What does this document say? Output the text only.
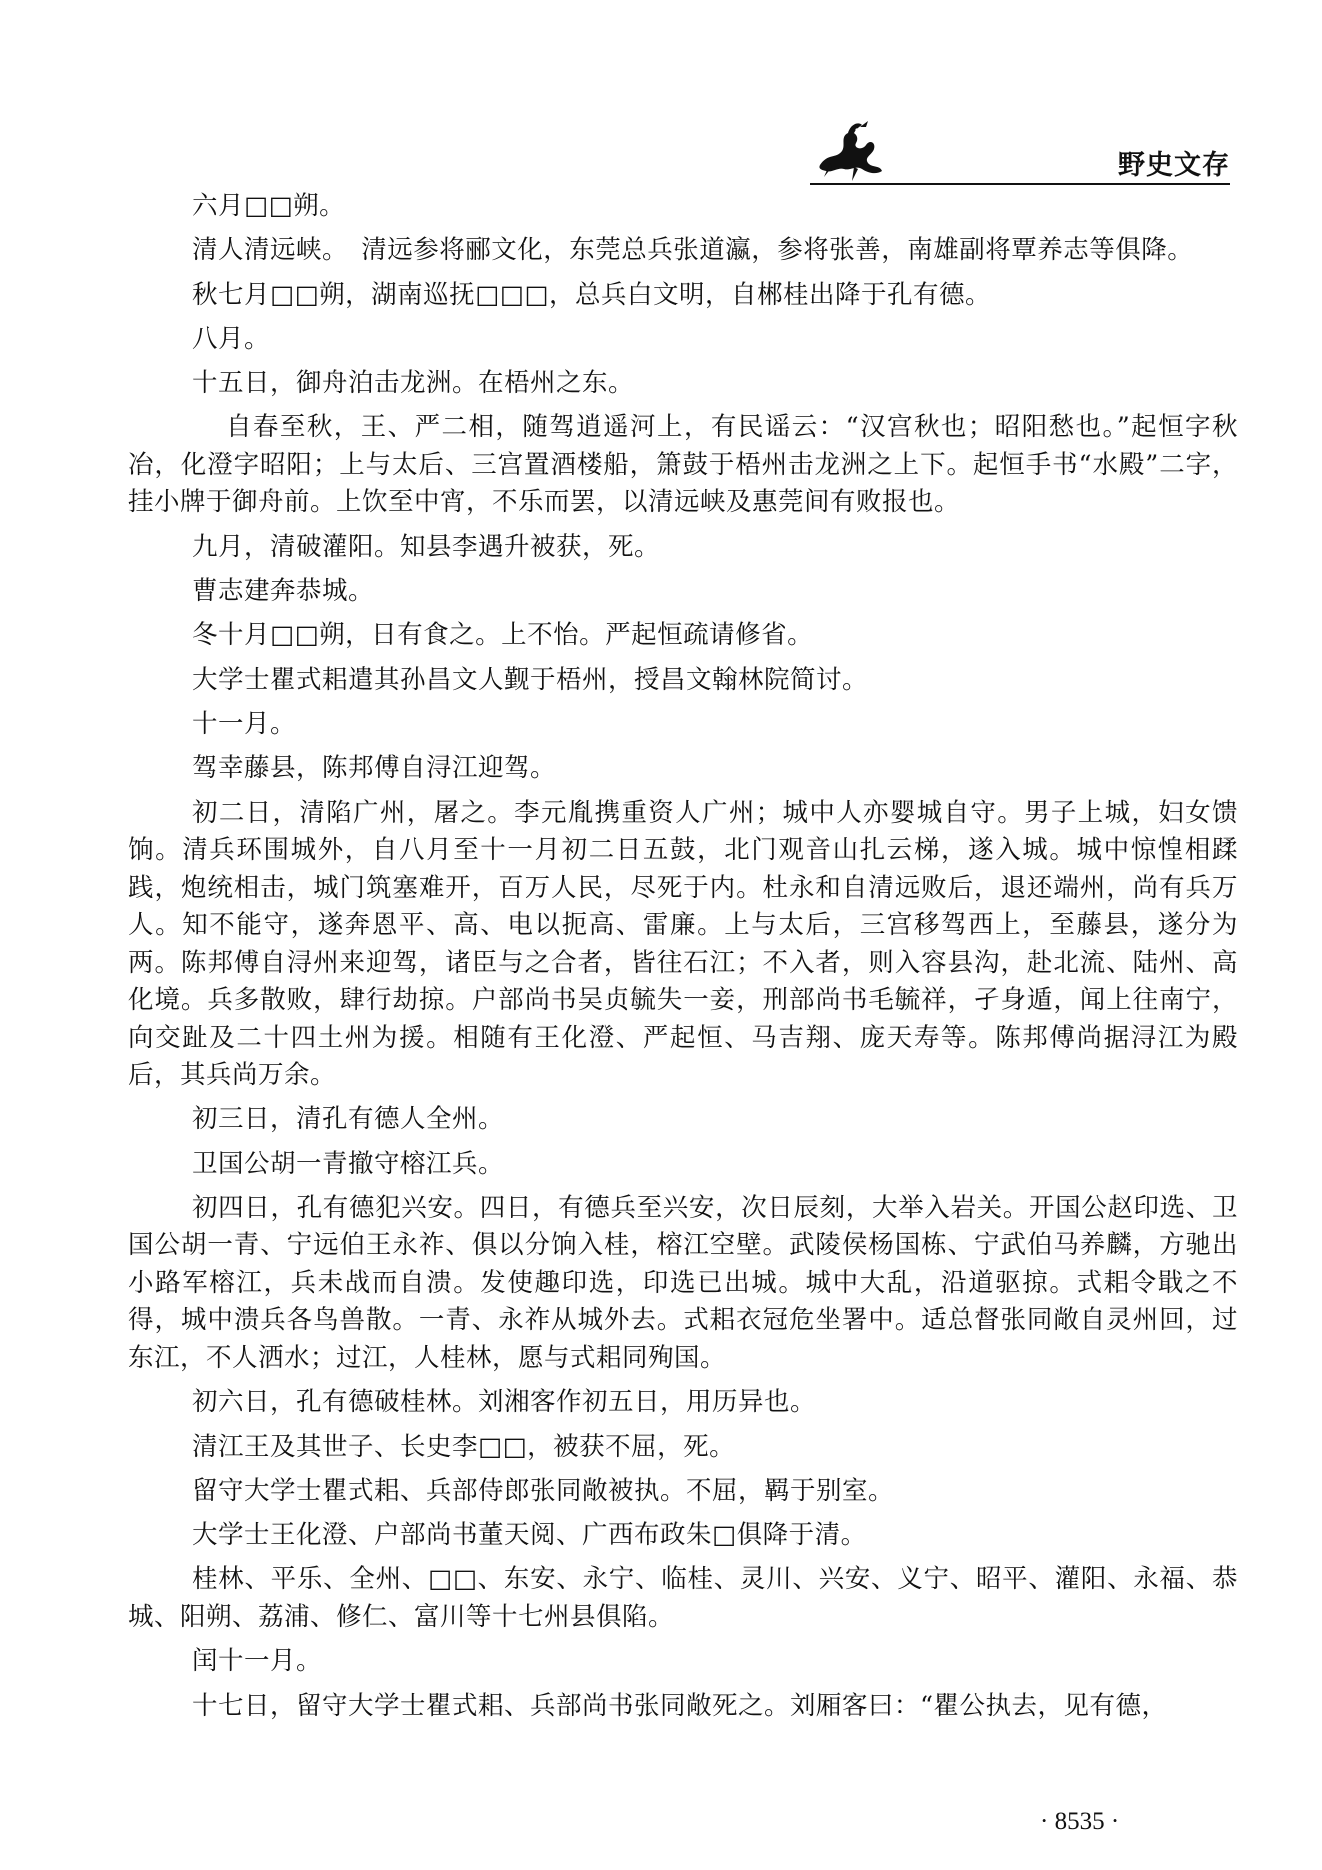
野史文存

六月□□朔。

清人清远峡。　清远参将郦文化，东莞总兵张道瀛，参将张善，南雄副将覃养志等俱降。

秋七月□□朔，湖南巡抚□□□，总兵白文明，自郴桂出降于孔有德。

八月。

十五日，御舟泊击龙洲。在梧州之东。

自春至秋，王、严二相，随驾逍遥河上，有民谣云：“汉宫秋也；昭阳愁也。”起恒字秋冶，化澄字昭阳；上与太后、三宫置酒楼船，箫鼓于梧州击龙洲之上下。起恒手书“水殿”二字，挂小牌于御舟前。上饮至中宵，不乐而罢，以清远峡及惠莞间有败报也。

九月，清破灌阳。知县李遇升被获，死。

曹志建奔恭城。

冬十月□□朔，日有食之。上不怡。严起恒疏请修省。

大学士瞿式耜遣其孙昌文人觐于梧州，授昌文翰林院简讨。

十一月。

驾幸藤县，陈邦傅自浔江迎驾。

初二日，清陷广州，屠之。李元胤携重资人广州；城中人亦婴城自守。男子上城，妇女馈饷。清兵环围城外，自八月至十一月初二日五鼓，北门观音山扎云梯，遂入城。城中惊惶相蹂践，炮统相击，城门筑塞难开，百万人民，尽死于内。杜永和自清远败后，退还端州，尚有兵万人。知不能守，遂奔恩平、高、电以扼高、雷廉。上与太后，三宫移驾西上，至藤县，遂分为两。陈邦傅自浔州来迎驾，诸臣与之合者，皆往石江；不入者，则入容县沟，赴北流、陆州、高化境。兵多散败，肆行劫掠。户部尚书吴贞毓失一妾，刑部尚书毛毓祥，孑身遁，闻上往南宁，向交趾及二十四土州为援。相随有王化澄、严起恒、马吉翔、庞天寿等。陈邦傅尚据浔江为殿后，其兵尚万余。

初三日，清孔有德人全州。

卫国公胡一青撤守榕江兵。

初四日，孔有德犯兴安。四日，有德兵至兴安，次日辰刻，大举入岩关。开国公赵印选、卫国公胡一青、宁远伯王永祚、俱以分饷入桂，榕江空壁。武陵侯杨国栋、宁武伯马养麟，方驰出小路军榕江，兵未战而自溃。发使趣印选，印选已出城。城中大乱，沿道驱掠。式耜令戢之不得，城中溃兵各鸟兽散。一青、永祚从城外去。式耜衣冠危坐署中。适总督张同敞自灵州回，过东江，不人洒水；过江，人桂林，愿与式耜同殉国。

初六日，孔有德破桂林。刘湘客作初五日，用历异也。

清江王及其世子、长史李□□，被获不屈，死。

留守大学士瞿式耜、兵部侍郎张同敞被执。不屈，羁于别室。

大学士王化澄、户部尚书董天阅、广西布政朱□俱降于清。

桂林、平乐、全州、□□、东安、永宁、临桂、灵川、兴安、义宁、昭平、灌阳、永福、恭城、阳朔、荔浦、修仁、富川等十七州县俱陷。

闰十一月。

十七日，留守大学士瞿式耜、兵部尚书张同敞死之。刘厢客曰：“瞿公执去，见有德，

· 8535 ·
